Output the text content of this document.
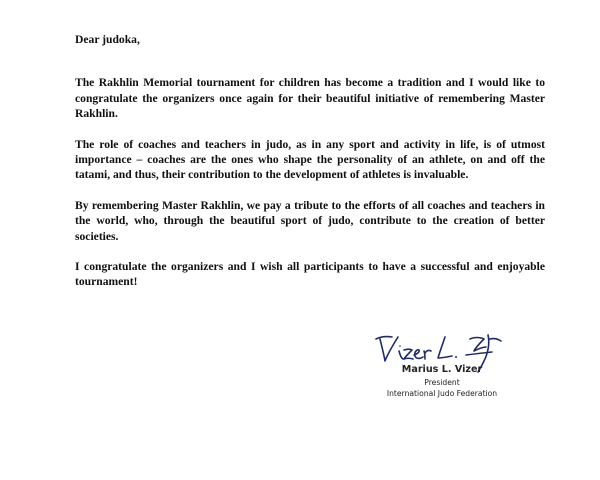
Dear judoka,

The Rakhlin Memorial tournament for children has become a tradition and I would like to congratulate the organizers once again for their beautiful initiative of remembering Master Rakhlin.

The role of coaches and teachers in judo, as in any sport and activity in life, is of utmost importance – coaches are the ones who shape the personality of an athlete, on and off the tatami, and thus, their contribution to the development of athletes is invaluable.

By remembering Master Rakhlin, we pay a tribute to the efforts of all coaches and teachers in the world, who, through the beautiful sport of judo, contribute to the creation of better societies.

I congratulate the organizers and I wish all participants to have a successful and enjoyable tournament!

Marius L. Vizer
President
International Judo Federation
